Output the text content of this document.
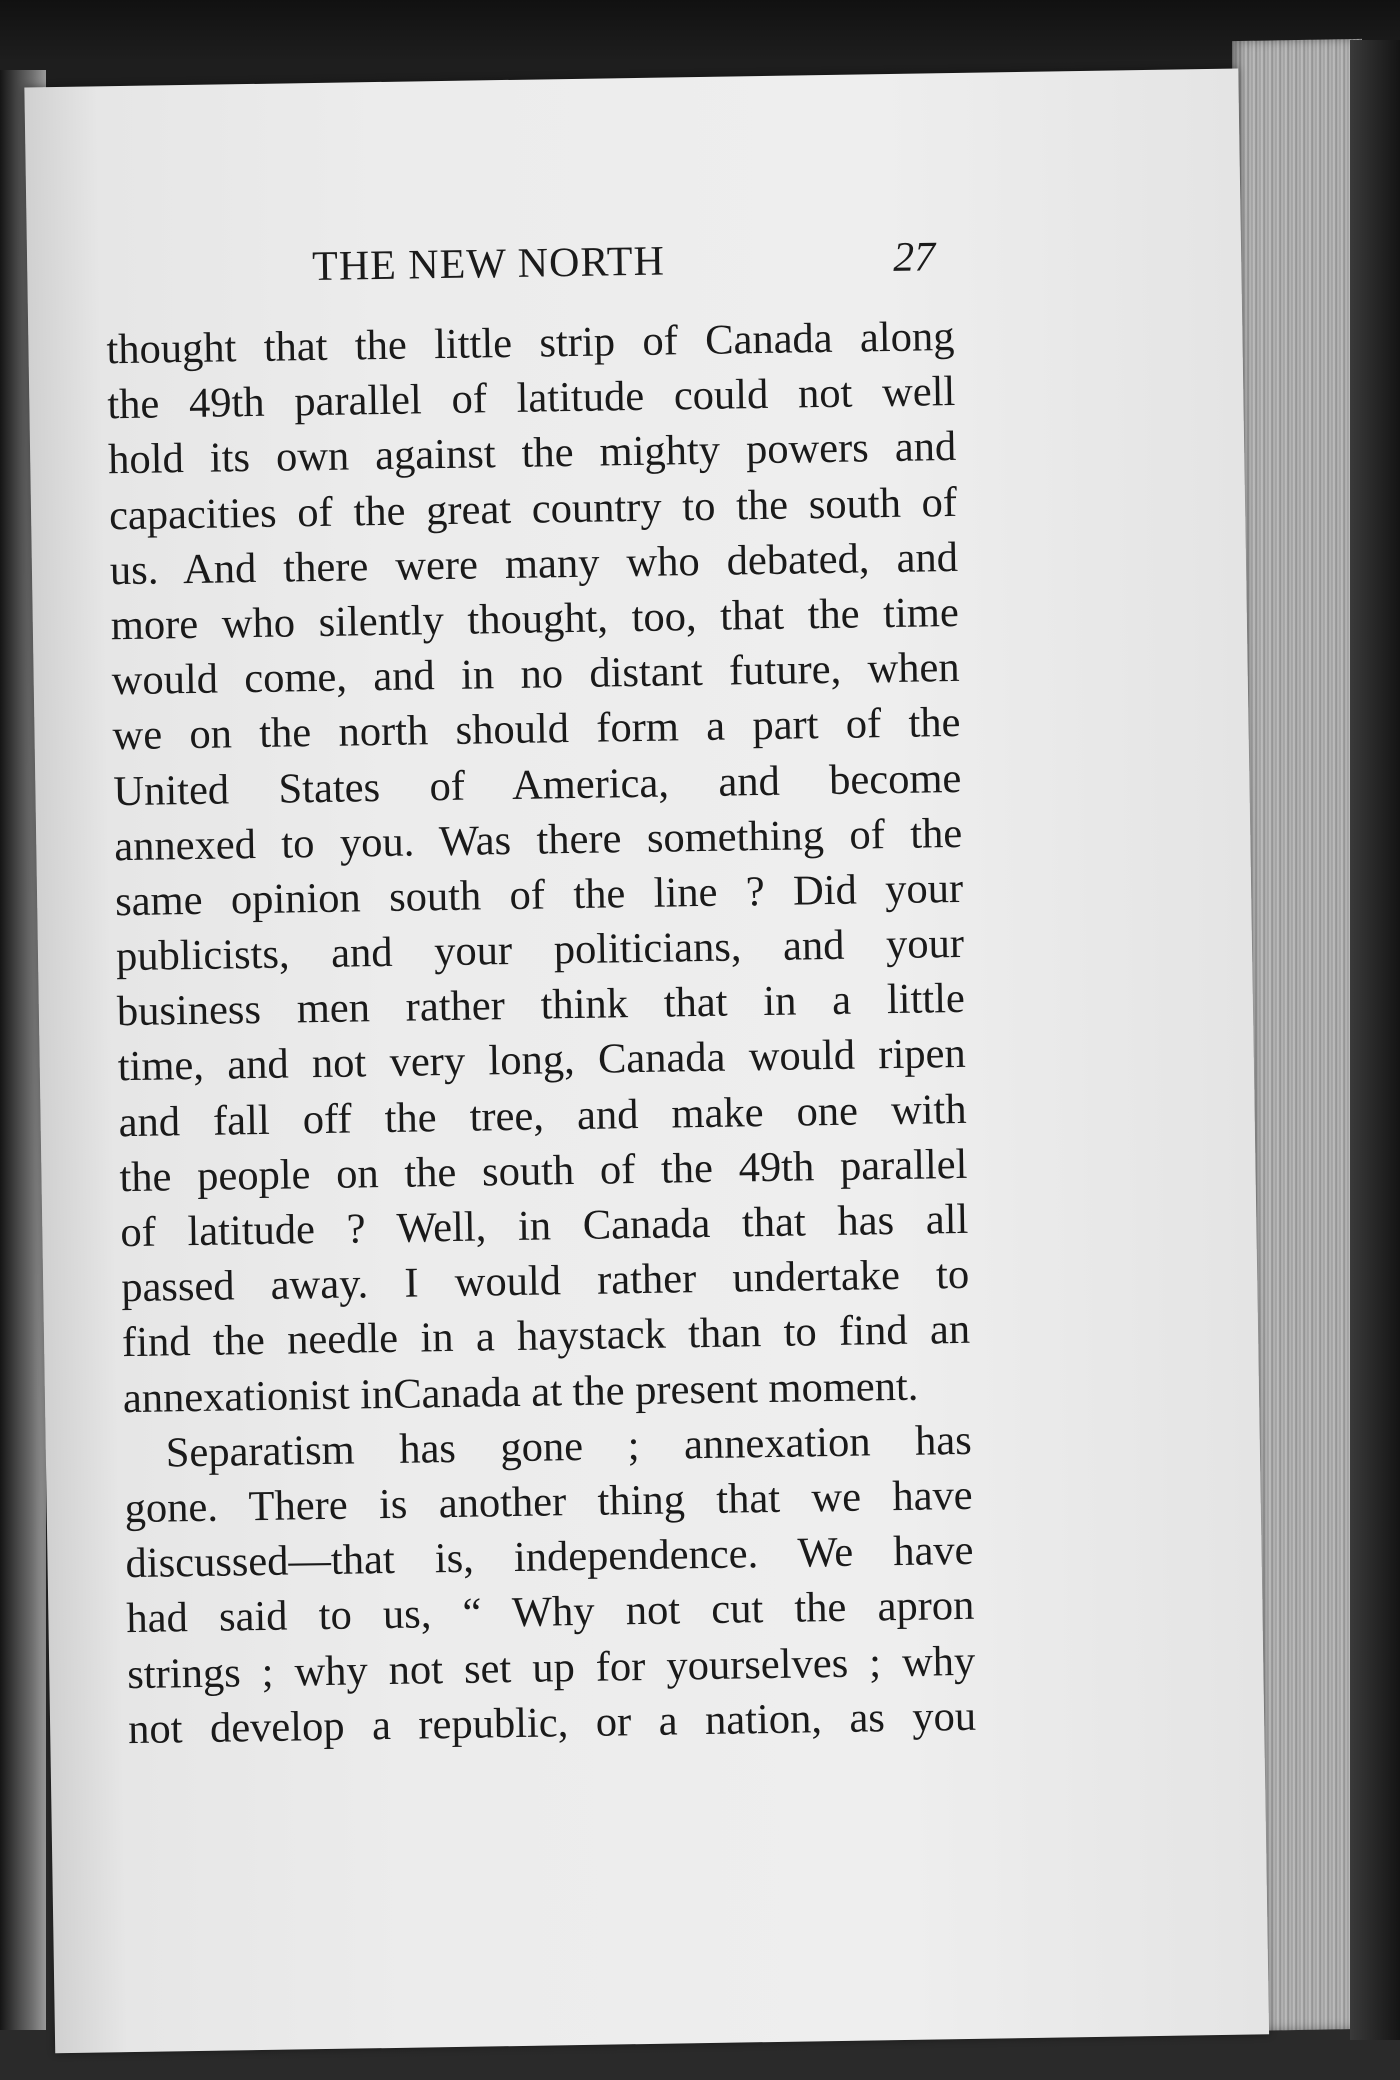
THE NEW NORTH	27
thought that the little strip of Canada along
the 49th parallel of latitude could not well
hold its own against the mighty powers and
capacities of the great country to the south of
us. And there were many who debated, and
more who silently thought, too, that the time
would come, and in no distant future, when
we on the north should form a part of the
United States of America, and become
annexed to you. Was there something of the
same opinion south of the line ? Did your
publicists, and your politicians, and your
business men rather think that in a little
time, and not very long, Canada would ripen
and fall off the tree, and make one with
the people on the south of the 49th parallel
of latitude ? Well, in Canada that has all
passed away. I would rather undertake to
find the needle in a haystack than to find an
annexationist inCanada at the present moment.
Separatism has gone ; annexation has
gone. There is another thing that we have
discussed—that is, independence. We have
had said to us, “ Why not cut the apron
strings ; why not set up for yourselves ; why
not develop a republic, or a nation, as you
